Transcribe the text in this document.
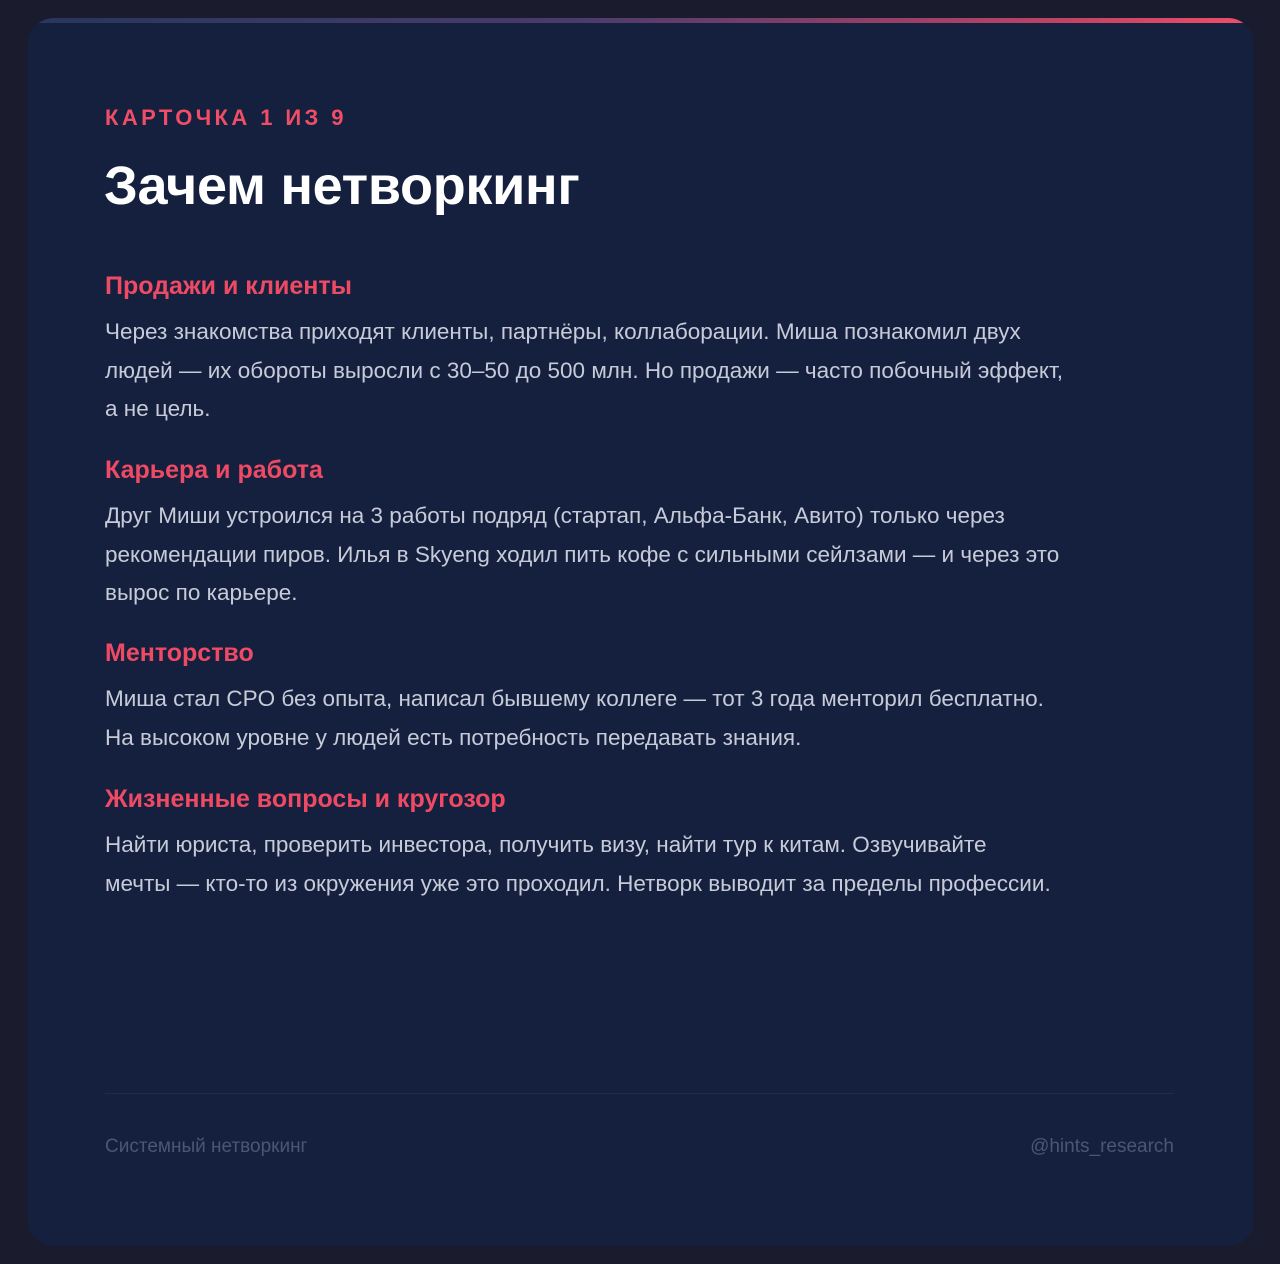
КАРТОЧКА 1 ИЗ 9

Зачем нетворкинг
Продажи и клиенты

Через знакомства приходят клиенты, партнёры, коллаборации. Миша познакомил двух
людей — их обороты выросли с 30–50 до 500 млн. Но продажи — часто побочный эффект,
а не цель.

Карьера и работа

Друг Миши устроился на 3 работы подряд (стартап, Альфа-Банк, Авито) только через
рекомендации пиров. Илья в Skyeng ходил пить кофе с сильными сейлзами — и через это
вырос по карьере.

Менторство

Миша стал CPO без опыта, написал бывшему коллеге — тот 3 года менторил бесплатно.
На высоком уровне у людей есть потребность передавать знания.

Жизненные вопросы и кругозор

Найти юриста, проверить инвестора, получить визу, найти тур к китам. Озвучивайте
мечты — кто-то из окружения уже это проходил. Нетворк выводит за пределы профессии.

Системный нетворкинг	@hints_research
